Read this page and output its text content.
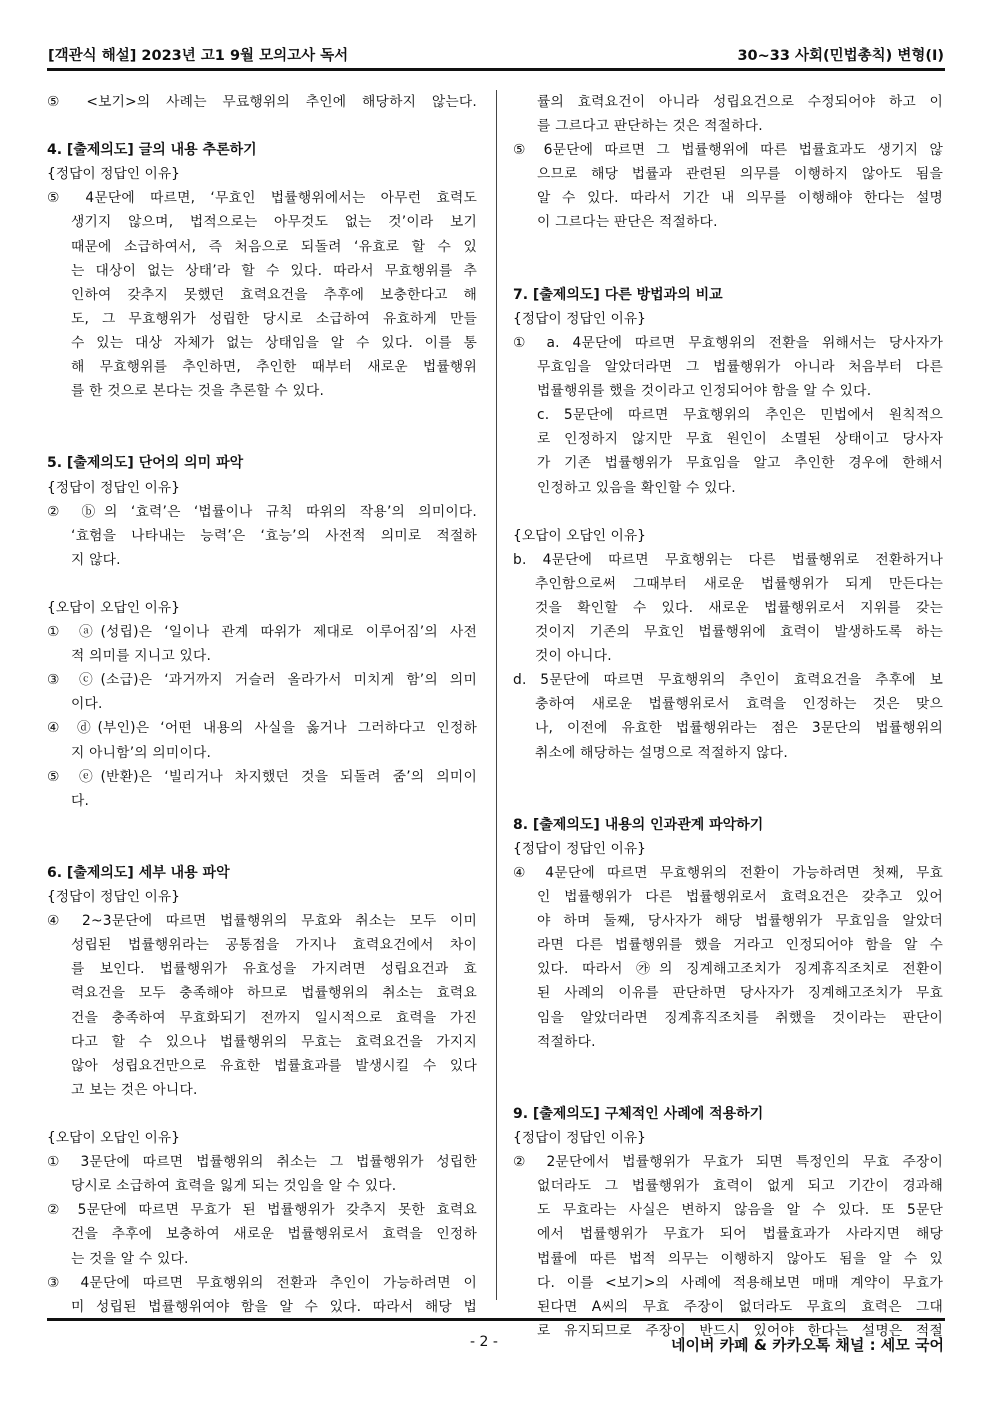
[객관식 해설] 2023년 고1 9월 모의고사 독서	30~33 사회(민법총칙) 변형(I)
⑤ <보기>의 사례는 무료행위의 추인에 해당하지 않는다.
4. [출제의도] 글의 내용 추론하기
{정답이 정답인 이유}
⑤ 4문단에 따르면, ‘무효인 법률행위에서는 아무런 효력도
생기지 않으며, 법적으로는 아무것도 없는 것’이라 보기
때문에 소급하여서, 즉 처음으로 되돌려 ‘유효로 할 수 있
는 대상이 없는 상태’라 할 수 있다. 따라서 무효행위를 추
인하여 갖추지 못했던 효력요건을 추후에 보충한다고 해
도, 그 무효행위가 성립한 당시로 소급하여 유효하게 만들
수 있는 대상 자체가 없는 상태임을 알 수 있다. 이를 통
해 무효행위를 추인하면, 추인한 때부터 새로운 법률행위
를 한 것으로 본다는 것을 추론할 수 있다.
5. [출제의도] 단어의 의미 파악
{정답이 정답인 이유}
② ⓑ의 ‘효력’은 ‘법률이나 규칙 따위의 작용’의 의미이다.
‘효험을 나타내는 능력’은 ‘효능’의 사전적 의미로 적절하
지 않다.
{오답이 오답인 이유}
① ⓐ(성립)은 ‘일이나 관계 따위가 제대로 이루어짐’의 사전
적 의미를 지니고 있다.
③ ⓒ(소급)은 ‘과거까지 거슬러 올라가서 미치게 함’의 의미
이다.
④ ⓓ(부인)은 ‘어떤 내용의 사실을 옳거나 그러하다고 인정하
지 아니함’의 의미이다.
⑤ ⓔ(반환)은 ‘빌리거나 차지했던 것을 되돌려 줌’의 의미이
다.
6. [출제의도] 세부 내용 파악
{정답이 정답인 이유}
④ 2~3문단에 따르면 법률행위의 무효와 취소는 모두 이미
성립된 법률행위라는 공통점을 가지나 효력요건에서 차이
를 보인다. 법률행위가 유효성을 가지려면 성립요건과 효
력요건을 모두 충족해야 하므로 법률행위의 취소는 효력요
건을 충족하여 무효화되기 전까지 일시적으로 효력을 가진
다고 할 수 있으나 법률행위의 무효는 효력요건을 가지지
않아 성립요건만으로 유효한 법률효과를 발생시킬 수 있다
고 보는 것은 아니다.
{오답이 오답인 이유}
① 3문단에 따르면 법률행위의 취소는 그 법률행위가 성립한
당시로 소급하여 효력을 잃게 되는 것임을 알 수 있다.
② 5문단에 따르면 무효가 된 법률행위가 갖추지 못한 효력요
건을 추후에 보충하여 새로운 법률행위로서 효력을 인정하
는 것을 알 수 있다.
③ 4문단에 따르면 무효행위의 전환과 추인이 가능하려면 이
미 성립된 법률행위여야 함을 알 수 있다. 따라서 해당 법
률의 효력요건이 아니라 성립요건으로 수정되어야 하고 이
를 그르다고 판단하는 것은 적절하다.
⑤ 6문단에 따르면 그 법률행위에 따른 법률효과도 생기지 않
으므로 해당 법률과 관련된 의무를 이행하지 않아도 됨을
알 수 있다. 따라서 기간 내 의무를 이행해야 한다는 설명
이 그르다는 판단은 적절하다.
7. [출제의도] 다른 방법과의 비교
{정답이 정답인 이유}
① a. 4문단에 따르면 무효행위의 전환을 위해서는 당사자가
무효임을 알았더라면 그 법률행위가 아니라 처음부터 다른
법률행위를 했을 것이라고 인정되어야 함을 알 수 있다.
c. 5문단에 따르면 무효행위의 추인은 민법에서 원칙적으
로 인정하지 않지만 무효 원인이 소멸된 상태이고 당사자
가 기존 법률행위가 무효임을 알고 추인한 경우에 한해서
인정하고 있음을 확인할 수 있다.
{오답이 오답인 이유}
b. 4문단에 따르면 무효행위는 다른 법률행위로 전환하거나
추인함으로써 그때부터 새로운 법률행위가 되게 만든다는
것을 확인할 수 있다. 새로운 법률행위로서 지위를 갖는
것이지 기존의 무효인 법률행위에 효력이 발생하도록 하는
것이 아니다.
d. 5문단에 따르면 무효행위의 추인이 효력요건을 추후에 보
충하여 새로운 법률행위로서 효력을 인정하는 것은 맞으
나, 이전에 유효한 법률행위라는 점은 3문단의 법률행위의
취소에 해당하는 설명으로 적절하지 않다.
8. [출제의도] 내용의 인과관계 파악하기
{정답이 정답인 이유}
④ 4문단에 따르면 무효행위의 전환이 가능하려면 첫째, 무효
인 법률행위가 다른 법률행위로서 효력요건은 갖추고 있어
야 하며 둘째, 당사자가 해당 법률행위가 무효임을 알았더
라면 다른 법률행위를 했을 거라고 인정되어야 함을 알 수
있다. 따라서 ㉮의 징계해고조치가 징계휴직조치로 전환이
된 사례의 이유를 판단하면 당사자가 징계해고조치가 무효
임을 알았더라면 징계휴직조치를 취했을 것이라는 판단이
적절하다.
9. [출제의도] 구체적인 사례에 적용하기
{정답이 정답인 이유}
② 2문단에서 법률행위가 무효가 되면 특정인의 무효 주장이
없더라도 그 법률행위가 효력이 없게 되고 기간이 경과해
도 무효라는 사실은 변하지 않음을 알 수 있다. 또 5문단
에서 법률행위가 무효가 되어 법률효과가 사라지면 해당
법률에 따른 법적 의무는 이행하지 않아도 됨을 알 수 있
다. 이를 <보기>의 사례에 적용해보면 매매 계약이 무효가
된다면 A씨의 무효 주장이 없더라도 무효의 효력은 그대
로 유지되므로 주장이 반드시 있어야 한다는 설명은 적절
- 2 -	네이버 카페 & 카카오톡 채널 : 세모 국어
